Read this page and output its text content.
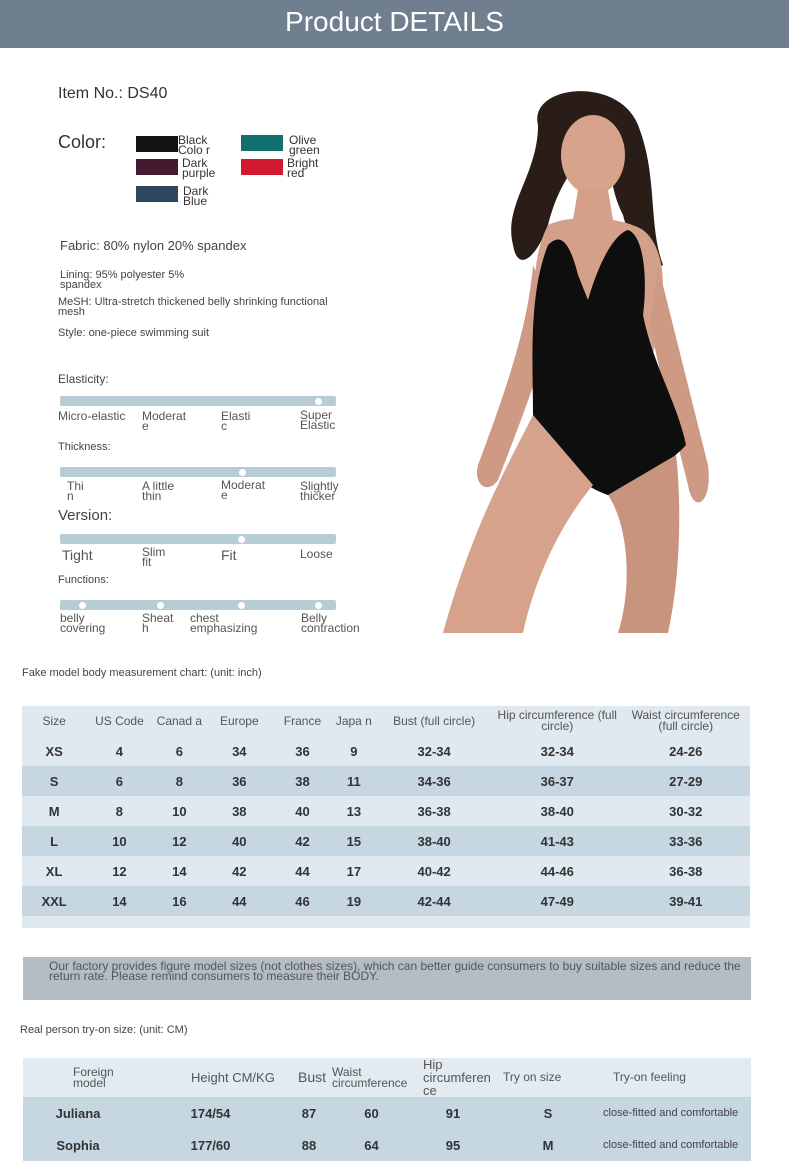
Product DETAILS
Item No.: DS40
Color:	Black Colo r
Olive green
Dark purple
Bright red
Dark Blue
Fabric: 80% nylon 20% spandex
Lining: 95% polyester 5% spandex
MeSH: Ultra-stretch thickened belly shrinking functional mesh
Style: one-piece swimming suit
Elasticity:
Micro-elastic Moderat e
Elasti c
Super Elastic
Thickness:
Thi n
A little thin
Moderat e
Slightly thicker
Version:
Tight	Slim fit	Fit	Loose
Functions:
belly covering
Sheat h
chest emphasizing
Belly contraction
Fake model body measurement chart: (unit: inch)
Size	US Code	Canad a	Europe	France	Japa n	Bust (full circle)	Hip circumference (full circle)	Waist circumference (full circle)
XS	4	6	34	36	9	32-34	32-34	24-26
S	6	8	36	38	11	34-36	36-37	27-29
M	8	10	38	40	13	36-38	38-40	30-32
L	10	12	40	42	15	38-40	41-43	33-36
XL	12	14	42	44	17	40-42	44-46	36-38
XXL	14	16	44	46	19	42-44	47-49	39-41

Our factory provides figure model sizes (not clothes sizes), which can better guide consumers to buy suitable sizes and reduce the return rate. Please remind consumers to measure their BODY.
Real person try-on size: (unit: CM)
Foreign model	Height CM/KG	Bust	Waist circumference	Hip circumferen ce	Try on size	Try-on feeling
Juliana	174/54	87	60	91	S	close-fitted and comfortable
Sophia	177/60	88	64	95	M	close-fitted and comfortable
